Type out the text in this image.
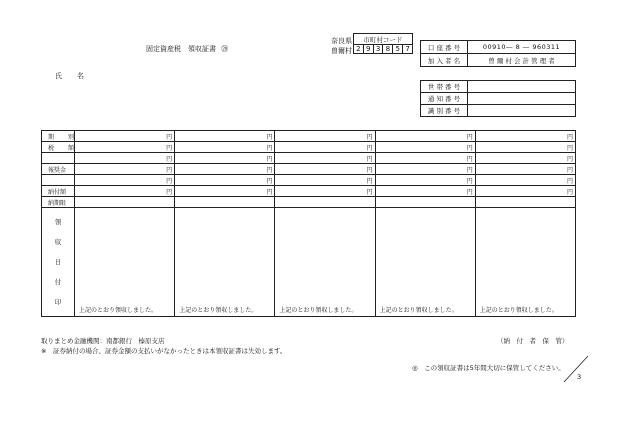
固定資産税　領収証書 ⑳
奈良県
曽爾村
市町村コード
2	9	3	8	5	7	口 座 番 号	00910― 8 ― 960311
加 入 者 名	曽 爾 村 会 計 管 理 者
氏　名
世 帯 番 号	
通 知 番 号	
識 別 番 号	
期　別	円	円	円	円	円
税　額	円	円	円	円	円
	円	円	円	円	円
報奨金	円	円	円	円	円
	円	円	円	円	円
納付額	円	円	円	円	円
納期限					

領
収
日
付
印	上記のとおり領収しました。	上記のとおり領収しました。	上記のとおり領収しました。	上記のとおり領収しました。	上記のとおり領収しました。
取りまとめ金融機関：南都銀行　榛原支店	（納　付　者　保　管）
※　証券納付の場合、証券金額の支払いがなかったときは本領収証書は失効します。
◎　この領収証書は5年間大切に保管してください。
3
